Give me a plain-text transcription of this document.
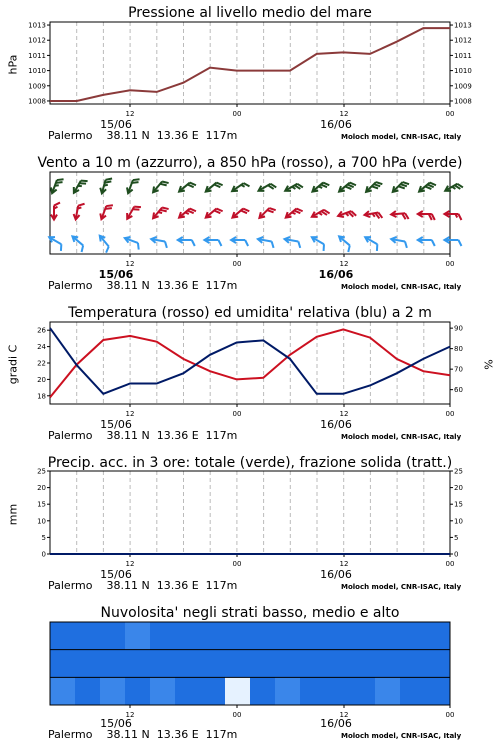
Pressione al livello medio del mare
hPa
12	00	12	00
1008	1008
1009	1009
1010	1010
1011	1011
1012	1012
1013	1013
15/06	16/06
Palermo 38.11 N 13.36 E 117m	Moloch model, CNR-ISAC, Italy
Vento a 10 m (azzurro), a 850 hPa (rosso), a 700 hPa (verde)
12	00	12	00
15/06	16/06
Palermo 38.11 N 13.36 E 117m	Moloch model, CNR-ISAC, Italy
Temperatura (rosso) ed umidita' relativa (blu) a 2 m
gradi C	%
12	00	12	00
18
20
22
24
26
60
70
80
90
15/06	16/06
Palermo 38.11 N 13.36 E 117m	Moloch model, CNR-ISAC, Italy
Precip. acc. in 3 ore: totale (verde), frazione solida (tratt.)
mm
12	00	12	00
0	0
5	5
10	10
15	15
20	20
25	25
15/06	16/06
Palermo 38.11 N 13.36 E 117m	Moloch model, CNR-ISAC, Italy
Nuvolosita' negli strati basso, medio e alto
12	00	12	00
15/06	16/06
Palermo 38.11 N 13.36 E 117m	Moloch model, CNR-ISAC, Italy
